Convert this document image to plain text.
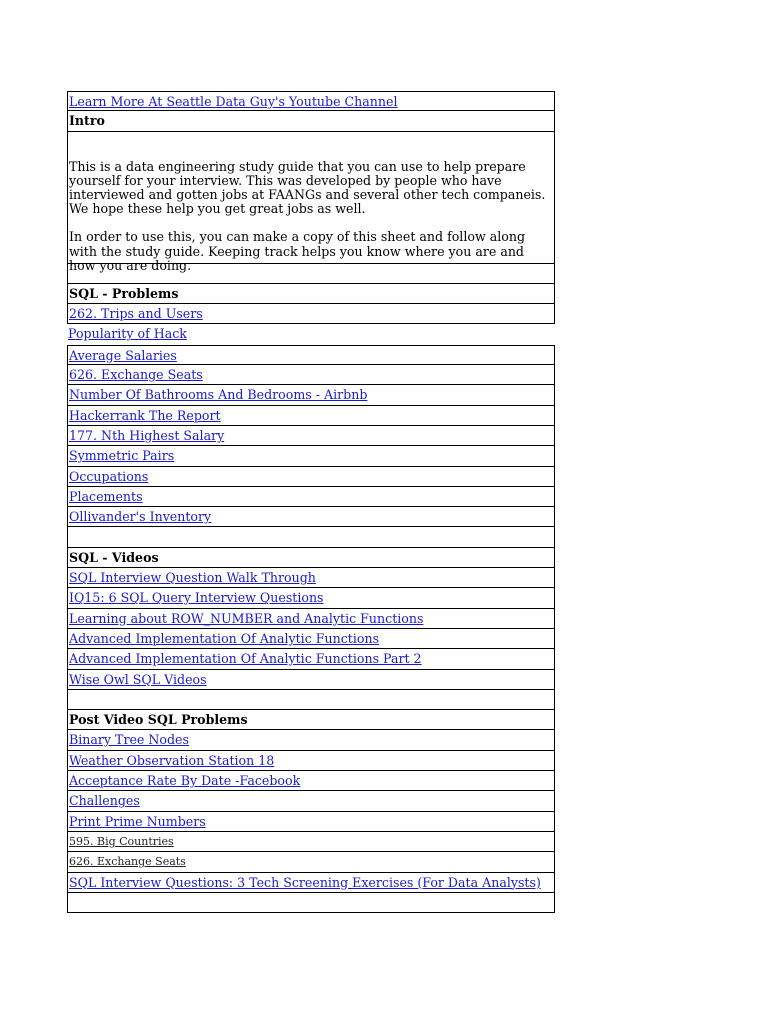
Learn More At Seattle Data Guy's Youtube Channel
Intro

This is a data engineering study guide that you can use to help prepare yourself for your interview. This was developed by people who have interviewed and gotten jobs at FAANGs and several other tech companeis. We hope these help you get great jobs as well.

In order to use this, you can make a copy of this sheet and follow along with the study guide. Keeping track helps you know where you are and how you are doing.

SQL - Problems
262. Trips and Users
Popularity of Hack
Average Salaries
626. Exchange Seats
Number Of Bathrooms And Bedrooms - Airbnb
Hackerrank The Report
177. Nth Highest Salary
Symmetric Pairs
Occupations
Placements
Ollivander's Inventory
SQL - Videos
SQL Interview Question Walk Through
IQ15: 6 SQL Query Interview Questions
Learning about ROW_NUMBER and Analytic Functions
Advanced Implementation Of Analytic Functions
Advanced Implementation Of Analytic Functions Part 2
Wise Owl SQL Videos
Post Video SQL Problems
Binary Tree Nodes
Weather Observation Station 18
Acceptance Rate By Date -Facebook
Challenges
Print Prime Numbers
595. Big Countries
626. Exchange Seats
SQL Interview Questions: 3 Tech Screening Exercises (For Data Analysts)
